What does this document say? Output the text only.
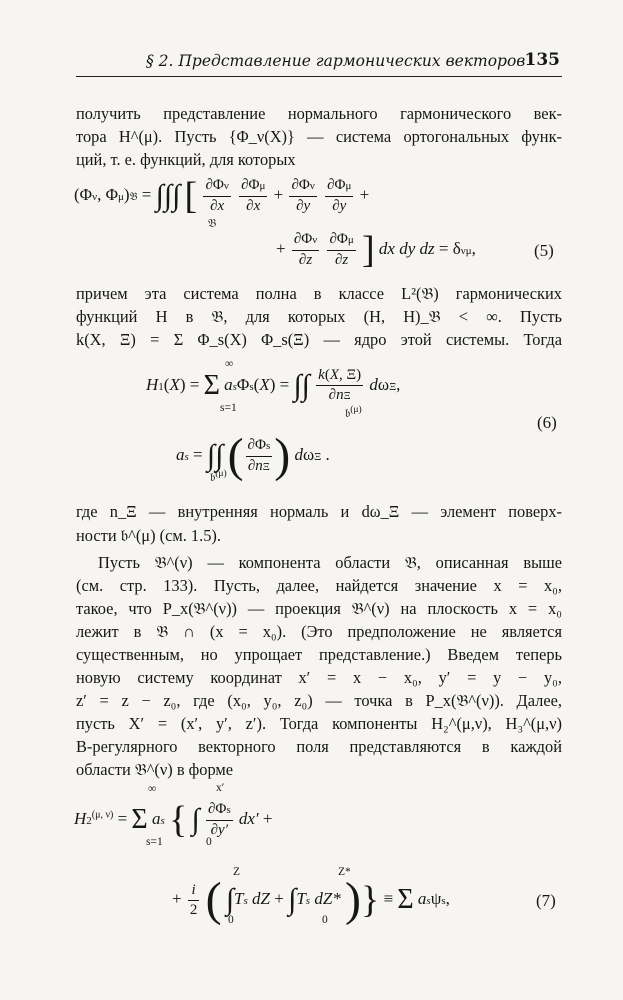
§ 2. Представление гармонических векторов 135
получить представление нормального гармонического век-
тора H^(μ). Пусть {Φ_ν(X)} — система ортогональных функ-
ций, т. е. функций, для которых
(Φν, Φμ)𝔅 = ∫∫∫ [ $\frac{\partial\Phi\nu}{\partial x}$
$\frac{\partial\Phi\mu}{\partial x} + \frac{\partial\Phi\nu}{\partial y}$
$\frac{\partial\Phi\mu}{\partial y}$ +
𝔅
+ $\frac{\partial\Phi\nu}{\partial z}$
$\frac{\partial\Phi\mu}{\partial z}$ ] dx dy dz = δνμ,	(5)
причем эта система полна в классе L²(𝔅) гармонических
функций H в 𝔅, для которых (H, H)_𝔅 < ∞. Пусть
k(X, Ξ) = Σ Φ_s(X) Φ_s(Ξ) — ядро этой системы. Тогда
∞
H1(X) = Σ asΦs(X) = ∫∫ $\frac{k(X, \Xi)}{\partial n\Xi} d\omega\Xi$,
s=1	𝔟$^{(\mu)}$
(6)
as = ∫∫ ( $\frac{\partial\Phi s}{\partial n\Xi}$ ) dωΞ .
𝔟$^{(\mu)}$
где n_Ξ — внутренняя нормаль и dω_Ξ — элемент поверх-
ности 𝔟^(μ) (см. 1.5).
Пусть 𝔅^(ν) — компонента области 𝔅, описанная выше
(см. стр. 133). Пусть, далее, найдется значение x = x₀,
такое, что P_x(𝔅^(ν)) — проекция 𝔅^(ν) на плоскость x = x₀
лежит в 𝔅 ∩ (x = x₀). (Это предположение не является
существенным, но упрощает представление.) Введем теперь
новую систему координат x′ = x − x₀, y′ = y − y₀,
z′ = z − z₀, где (x₀, y₀, z₀) — точка в P_x(𝔅^(ν)). Далее,
пусть X′ = (x′, y′, z′). Тогда компоненты H₂^(μ,ν), H₃^(μ,ν)
B-регулярного векторного поля представляются в каждой
области 𝔅^(ν) в форме
∞	x′
$H2^{(\mu, \nu)} = \Sigma$ as { ∫ $\frac{\partial\Phi s}{\partial y'} dx'$ +
s=1	0
Z	Z*
+ $\frac{i}{2}$ ( ∫Ts dZ + ∫Ts dZ* )} ≡ Σ asψs,
0	0
(7)
